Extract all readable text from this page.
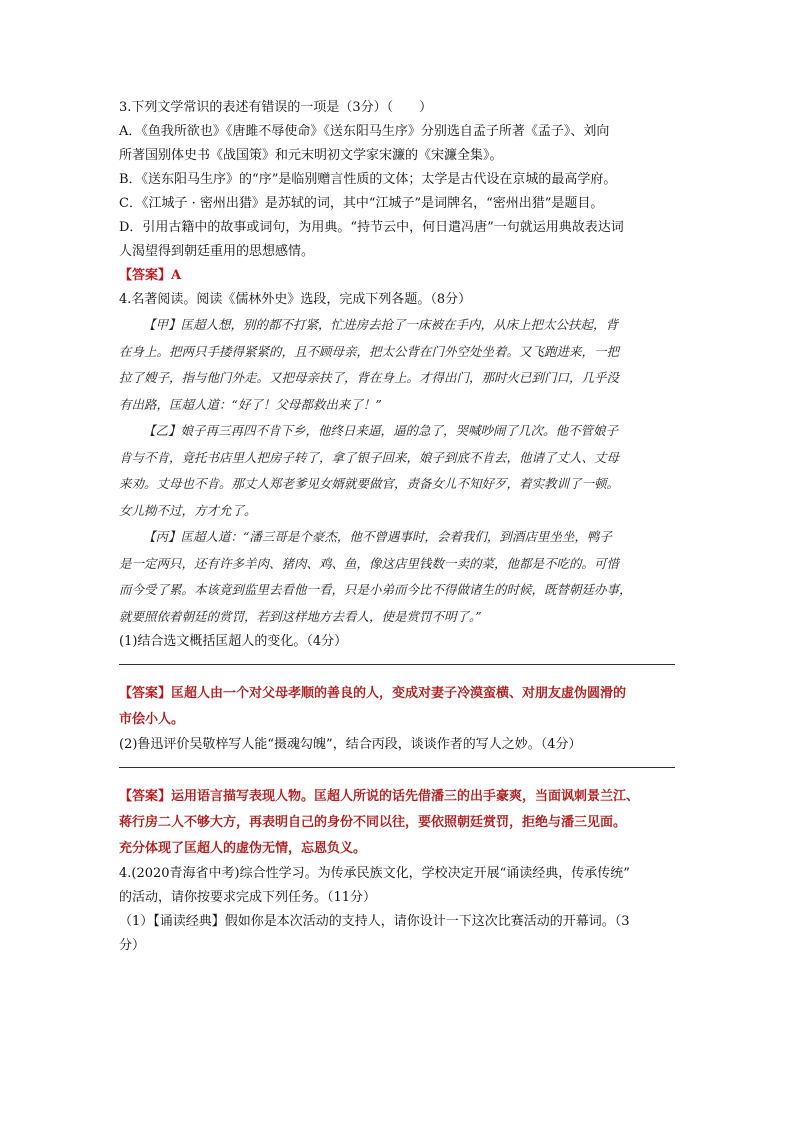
3.下列文学常识的表述有错误的一项是（3分）（　　）
A．《鱼我所欲也》《唐雎不辱使命》《送东阳马生序》分别选自孟子所著《孟子》、刘向
所著国别体史书《战国策》和元末明初文学家宋濂的《宋濂全集》。
B．《送东阳马生序》的“序”是临别赠言性质的文体；太学是古代设在京城的最高学府。
C．《江城子 · 密州出猎》是苏轼的词，其中“江城子”是词牌名，“密州出猎”是题目。
D．引用古籍中的故事或词句，为用典。“持节云中，何日遣冯唐”一句就运用典故表达词
人渴望得到朝廷重用的思想感情。
【答案】A
4.名著阅读。阅读《儒林外史》选段，完成下列各题。（8分）
【甲】匡超人想，别的都不打紧，忙进房去抢了一床被在手内，从床上把太公扶起，背
在身上。把两只手搂得紧紧的，且不顾母亲，把太公背在门外空处坐着。又飞跑进来，一把
拉了嫂子，指与他门外走。又把母亲扶了，背在身上。才得出门，那时火已到门口，几乎没
有出路，匡超人道：“好了！父母都救出来了！”
【乙】娘子再三再四不肯下乡，他终日来逼，逼的急了，哭喊吵闹了几次。他不管娘子
肯与不肯，竟托书店里人把房子转了，拿了银子回来，娘子到底不肯去，他请了丈人、丈母
来劝。丈母也不肯。那丈人郑老爹见女婿就要做官，责备女儿不知好歹，着实教训了一顿。
女儿拗不过，方才允了。
【丙】匡超人道：“潘三哥是个豪杰，他不曾遇事时，会着我们，到酒店里坐坐，鸭子
是一定两只，还有许多羊肉、猪肉、鸡、鱼，像这店里钱数一卖的菜，他都是不吃的。可惜
而今受了累。本该竟到监里去看他一看，只是小弟而今比不得做诸生的时候，既替朝廷办事，
就要照依着朝廷的赏罚，若到这样地方去看人，使是赏罚不明了。”
(1)结合选文概括匡超人的变化。（4分）
【答案】匡超人由一个对父母孝顺的善良的人，变成对妻子冷漠蛮横、对朋友虚伪圆滑的
市侩小人。
(2)鲁迅评价吴敬梓写人能“摄魂勾魄”，结合丙段，谈谈作者的写人之妙。（4分）
【答案】运用语言描写表现人物。匡超人所说的话先借潘三的出手豪爽，当面讽刺景兰江、
蒋行房二人不够大方，再表明自己的身份不同以往，要依照朝廷赏罚，拒绝与潘三见面。
充分体现了匡超人的虚伪无情，忘恩负义。
4.(2020青海省中考)综合性学习。为传承民族文化，学校决定开展“诵读经典，传承传统”
的活动，请你按要求完成下列任务。（11分）
（1）【诵读经典】假如你是本次活动的支持人，请你设计一下这次比赛活动的开幕词。（3
分）
